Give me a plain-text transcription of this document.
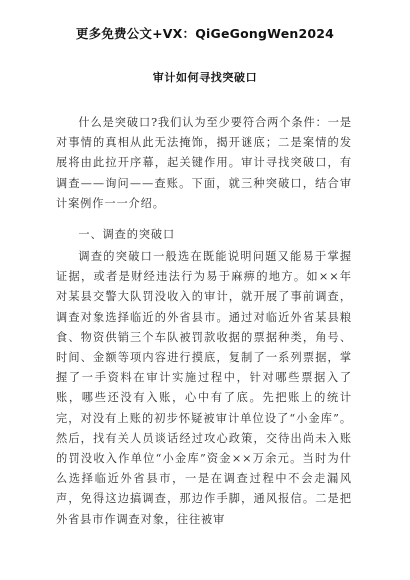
更多免费公文+VX：QiGeGongWen2024
审计如何寻找突破口

什么是突破口?我们认为至少要符合两个条件：一是对事情的真相从此无法掩饰，揭开谜底；二是案情的发展将由此拉开序幕，起关键作用。审计寻找突破口，有调查——询问——查账。下面，就三种突破口，结合审计案例作一一介绍。

一、调查的突破口

调查的突破口一般选在既能说明问题又能易于掌握证据，或者是财经违法行为易于麻痹的地方。如××年对某县交警大队罚没收入的审计，就开展了事前调查，调查对象选择临近的外省县市。通过对临近外省某县粮食、物资供销三个车队被罚款收据的票据种类，角号、时间、金额等项内容进行摸底，复制了一系列票据，掌握了一手资料在审计实施过程中，针对哪些票据入了账，哪些还没有入账，心中有了底。先把账上的统计完，对没有上账的初步怀疑被审计单位设了“小金库”。然后，找有关人员谈话经过攻心政策，交待出尚未入账的罚没收入作单位“小金库”资金××万余元。当时为什么选择临近外省县市，一是在调查过程中不会走漏风声，免得这边搞调查，那边作手脚，通风报信。二是把外省县市作调查对象，往往被审
